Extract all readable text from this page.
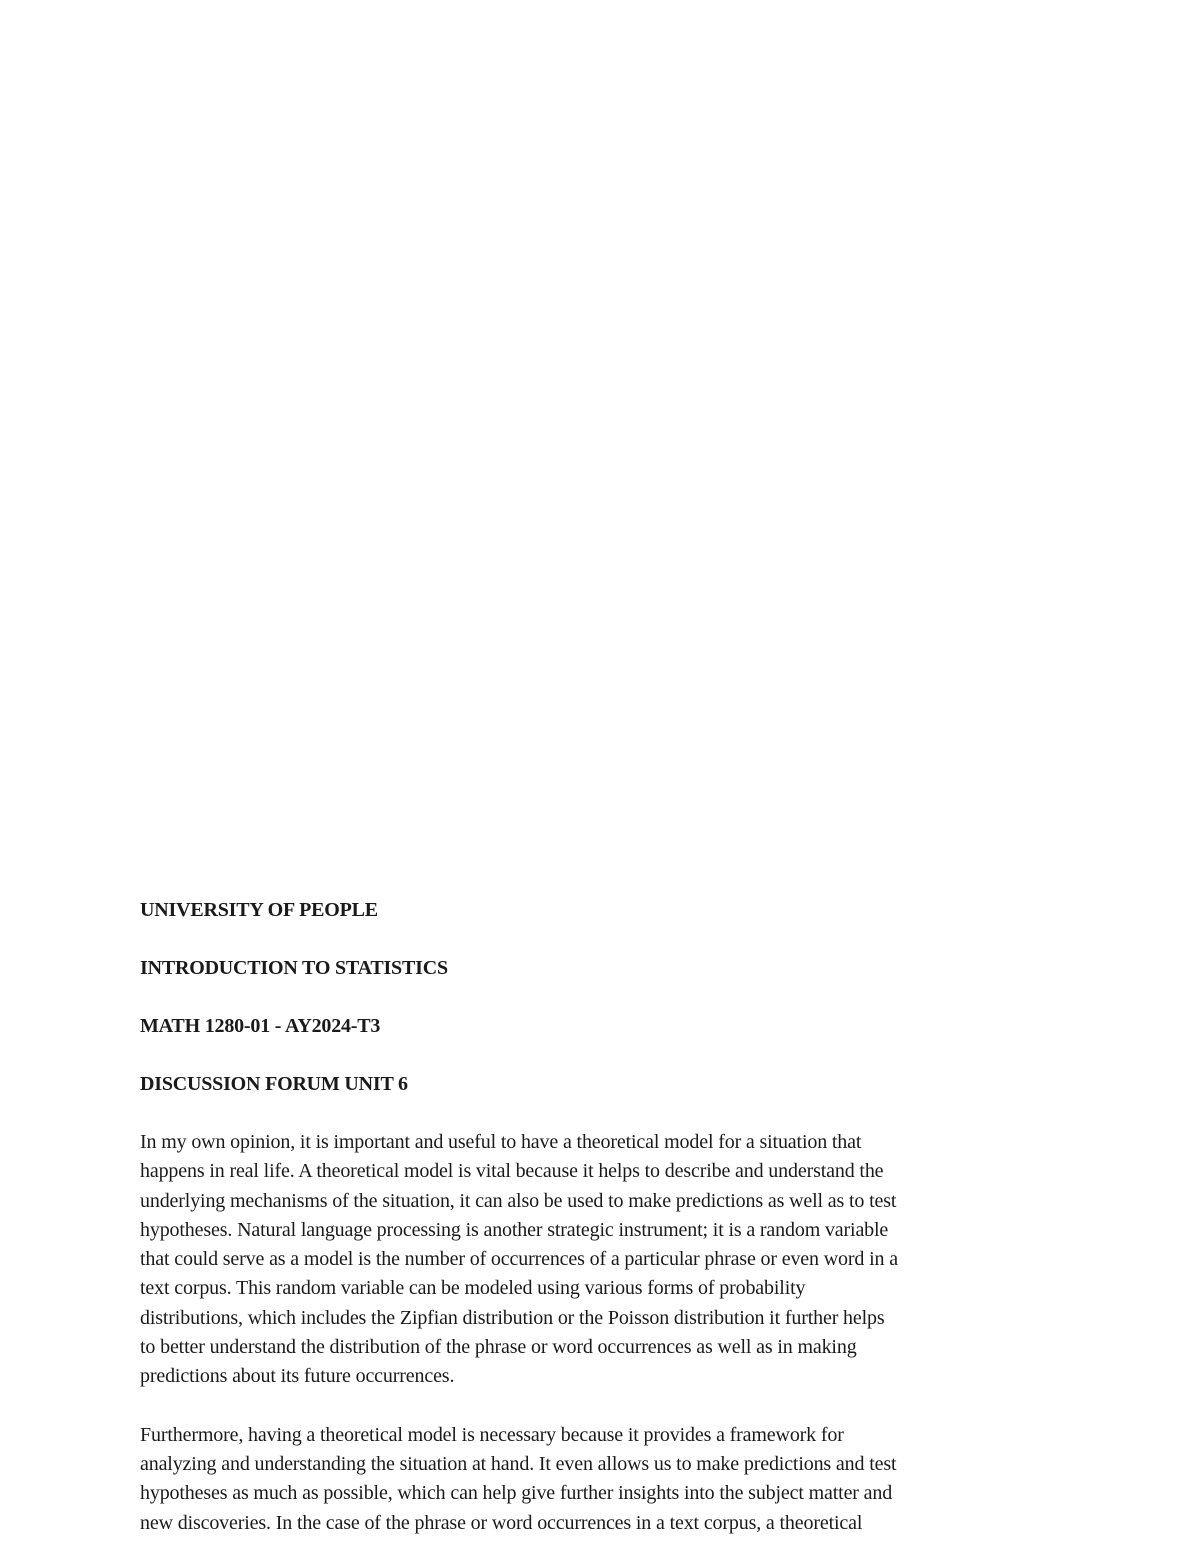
UNIVERSITY OF PEOPLE
INTRODUCTION TO STATISTICS
MATH 1280-01 - AY2024-T3
DISCUSSION FORUM UNIT 6
In my own opinion, it is important and useful to have a theoretical model for a situation that
happens in real life. A theoretical model is vital because it helps to describe and understand the
underlying mechanisms of the situation, it can also be used to make predictions as well as to test
hypotheses. Natural language processing is another strategic instrument; it is a random variable
that could serve as a model is the number of occurrences of a particular phrase or even word in a
text corpus. This random variable can be modeled using various forms of probability
distributions, which includes the Zipfian distribution or the Poisson distribution it further helps
to better understand the distribution of the phrase or word occurrences as well as in making
predictions about its future occurrences.
Furthermore, having a theoretical model is necessary because it provides a framework for
analyzing and understanding the situation at hand. It even allows us to make predictions and test
hypotheses as much as possible, which can help give further insights into the subject matter and
new discoveries. In the case of the phrase or word occurrences in a text corpus, a theoretical
